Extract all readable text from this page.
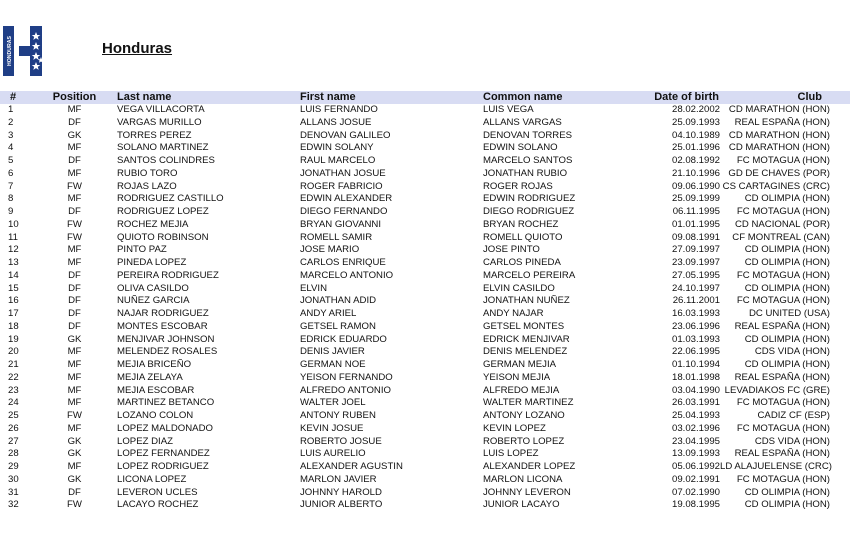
HONDURAS	Honduras
#	Position	Last name	First name	Common name	Date of birth	Club
1	MF	VEGA VILLACORTA	LUIS FERNANDO	LUIS VEGA	28.02.2002	CD MARATHON (HON)
2	DF	VARGAS MURILLO	ALLANS JOSUE	ALLANS VARGAS	25.09.1993	REAL ESPAÑA (HON)
3	GK	TORRES PEREZ	DENOVAN GALILEO	DENOVAN TORRES	04.10.1989	CD MARATHON (HON)
4	MF	SOLANO MARTINEZ	EDWIN SOLANY	EDWIN SOLANO	25.01.1996	CD MARATHON (HON)
5	DF	SANTOS COLINDRES	RAUL MARCELO	MARCELO SANTOS	02.08.1992	FC MOTAGUA (HON)
6	MF	RUBIO TORO	JONATHAN JOSUE	JONATHAN RUBIO	21.10.1996	GD DE CHAVES (POR)
7	FW	ROJAS LAZO	ROGER FABRICIO	ROGER ROJAS	09.06.1990	CS CARTAGINES (CRC)
8	MF	RODRIGUEZ CASTILLO	EDWIN ALEXANDER	EDWIN RODRIGUEZ	25.09.1999	CD OLIMPIA (HON)
9	DF	RODRIGUEZ LOPEZ	DIEGO FERNANDO	DIEGO RODRIGUEZ	06.11.1995	FC MOTAGUA (HON)
10	FW	ROCHEZ MEJIA	BRYAN GIOVANNI	BRYAN ROCHEZ	01.01.1995	CD NACIONAL (POR)
11	FW	QUIOTO ROBINSON	ROMELL SAMIR	ROMELL QUIOTO	09.08.1991	CF MONTREAL (CAN)
12	MF	PINTO PAZ	JOSE MARIO	JOSE PINTO	27.09.1997	CD OLIMPIA (HON)
13	MF	PINEDA LOPEZ	CARLOS ENRIQUE	CARLOS PINEDA	23.09.1997	CD OLIMPIA (HON)
14	DF	PEREIRA RODRIGUEZ	MARCELO ANTONIO	MARCELO PEREIRA	27.05.1995	FC MOTAGUA (HON)
15	DF	OLIVA CASILDO	ELVIN	ELVIN CASILDO	24.10.1997	CD OLIMPIA (HON)
16	DF	NUÑEZ GARCIA	JONATHAN ADID	JONATHAN NUÑEZ	26.11.2001	FC MOTAGUA (HON)
17	DF	NAJAR RODRIGUEZ	ANDY ARIEL	ANDY NAJAR	16.03.1993	DC UNITED (USA)
18	DF	MONTES ESCOBAR	GETSEL RAMON	GETSEL MONTES	23.06.1996	REAL ESPAÑA (HON)
19	GK	MENJIVAR JOHNSON	EDRICK EDUARDO	EDRICK MENJIVAR	01.03.1993	CD OLIMPIA (HON)
20	MF	MELENDEZ ROSALES	DENIS JAVIER	DENIS MELENDEZ	22.06.1995	CDS VIDA (HON)
21	MF	MEJIA BRICEÑO	GERMAN NOE	GERMAN MEJIA	01.10.1994	CD OLIMPIA (HON)
22	MF	MEJIA ZELAYA	YEISON FERNANDO	YEISON MEJIA	18.01.1998	REAL ESPAÑA (HON)
23	MF	MEJIA ESCOBAR	ALFREDO ANTONIO	ALFREDO MEJIA	03.04.1990	LEVADIAKOS FC (GRE)
24	MF	MARTINEZ BETANCO	WALTER JOEL	WALTER MARTINEZ	26.03.1991	FC MOTAGUA (HON)
25	FW	LOZANO COLON	ANTONY RUBEN	ANTONY LOZANO	25.04.1993	CADIZ CF (ESP)
26	MF	LOPEZ MALDONADO	KEVIN JOSUE	KEVIN LOPEZ	03.02.1996	FC MOTAGUA (HON)
27	GK	LOPEZ DIAZ	ROBERTO JOSUE	ROBERTO LOPEZ	23.04.1995	CDS VIDA (HON)
28	GK	LOPEZ FERNANDEZ	LUIS AURELIO	LUIS LOPEZ	13.09.1993	REAL ESPAÑA (HON)
29	MF	LOPEZ RODRIGUEZ	ALEXANDER AGUSTIN	ALEXANDER LOPEZ	05.06.1992	LD ALAJUELENSE (CRC)
30	GK	LICONA LOPEZ	MARLON JAVIER	MARLON LICONA	09.02.1991	FC MOTAGUA (HON)
31	DF	LEVERON UCLES	JOHNNY HAROLD	JOHNNY LEVERON	07.02.1990	CD OLIMPIA (HON)
32	FW	LACAYO ROCHEZ	JUNIOR ALBERTO	JUNIOR LACAYO	19.08.1995	CD OLIMPIA (HON)
